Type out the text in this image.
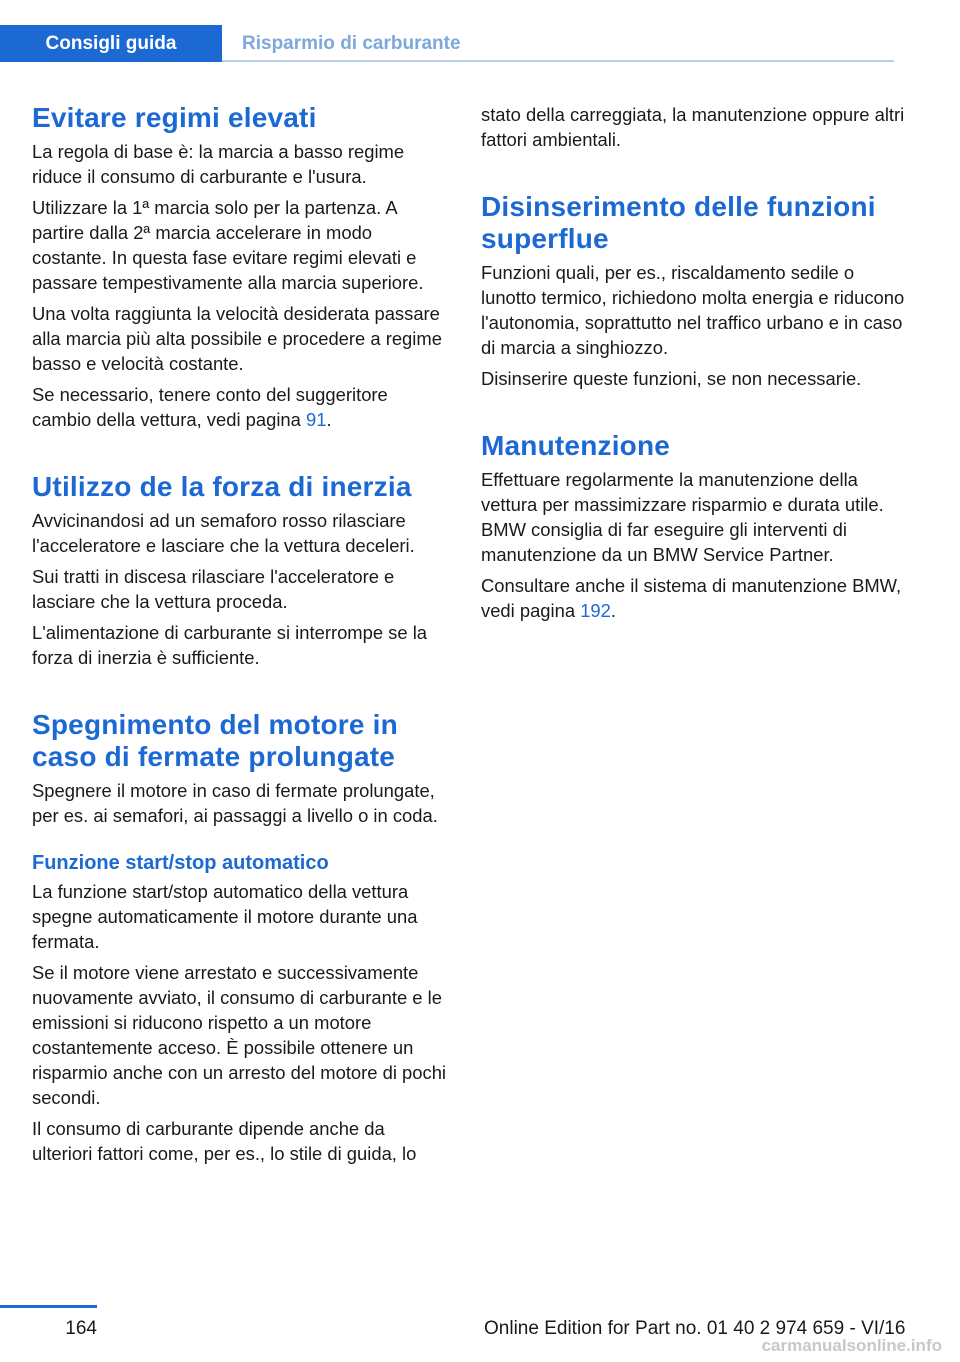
Consigli guida	Risparmio di carburante
Evitare regimi elevati

La regola di base è: la marcia a basso regime riduce il consumo di carburante e l'usura.

Utilizzare la 1ª marcia solo per la partenza. A partire dalla 2ª marcia accelerare in modo costante. In questa fase evitare regimi elevati e passare tempestivamente alla marcia superiore.

Una volta raggiunta la velocità desiderata passare alla marcia più alta possibile e procedere a regime basso e velocità costante.

Se necessario, tenere conto del suggeritore cambio della vettura, vedi pagina 91.

Utilizzo de la forza di inerzia

Avvicinandosi ad un semaforo rosso rilasciare l'acceleratore e lasciare che la vettura deceleri.

Sui tratti in discesa rilasciare l'acceleratore e lasciare che la vettura proceda.

L'alimentazione di carburante si interrompe se la forza di inerzia è sufficiente.

Spegnimento del motore in caso di fermate prolungate

Spegnere il motore in caso di fermate prolungate, per es. ai semafori, ai passaggi a livello o in coda.

Funzione start/stop automatico

La funzione start/stop automatico della vettura spegne automaticamente il motore durante una fermata.

Se il motore viene arrestato e successivamente nuovamente avviato, il consumo di carburante e le emissioni si riducono rispetto a un motore costantemente acceso. È possibile ottenere un risparmio anche con un arresto del motore di pochi secondi.

Il consumo di carburante dipende anche da ulteriori fattori come, per es., lo stile di guida, lo

stato della carreggiata, la manutenzione oppure altri fattori ambientali.

Disinserimento delle funzioni superflue

Funzioni quali, per es., riscaldamento sedile o lunotto termico, richiedono molta energia e riducono l'autonomia, soprattutto nel traffico urbano e in caso di marcia a singhiozzo.

Disinserire queste funzioni, se non necessarie.

Manutenzione

Effettuare regolarmente la manutenzione della vettura per massimizzare risparmio e durata utile. BMW consiglia di far eseguire gli interventi di manutenzione da un BMW Service Partner.

Consultare anche il sistema di manutenzione BMW, vedi pagina 192.

164	Online Edition for Part no. 01 40 2 974 659 - VI/16
carmanualsonline.info
